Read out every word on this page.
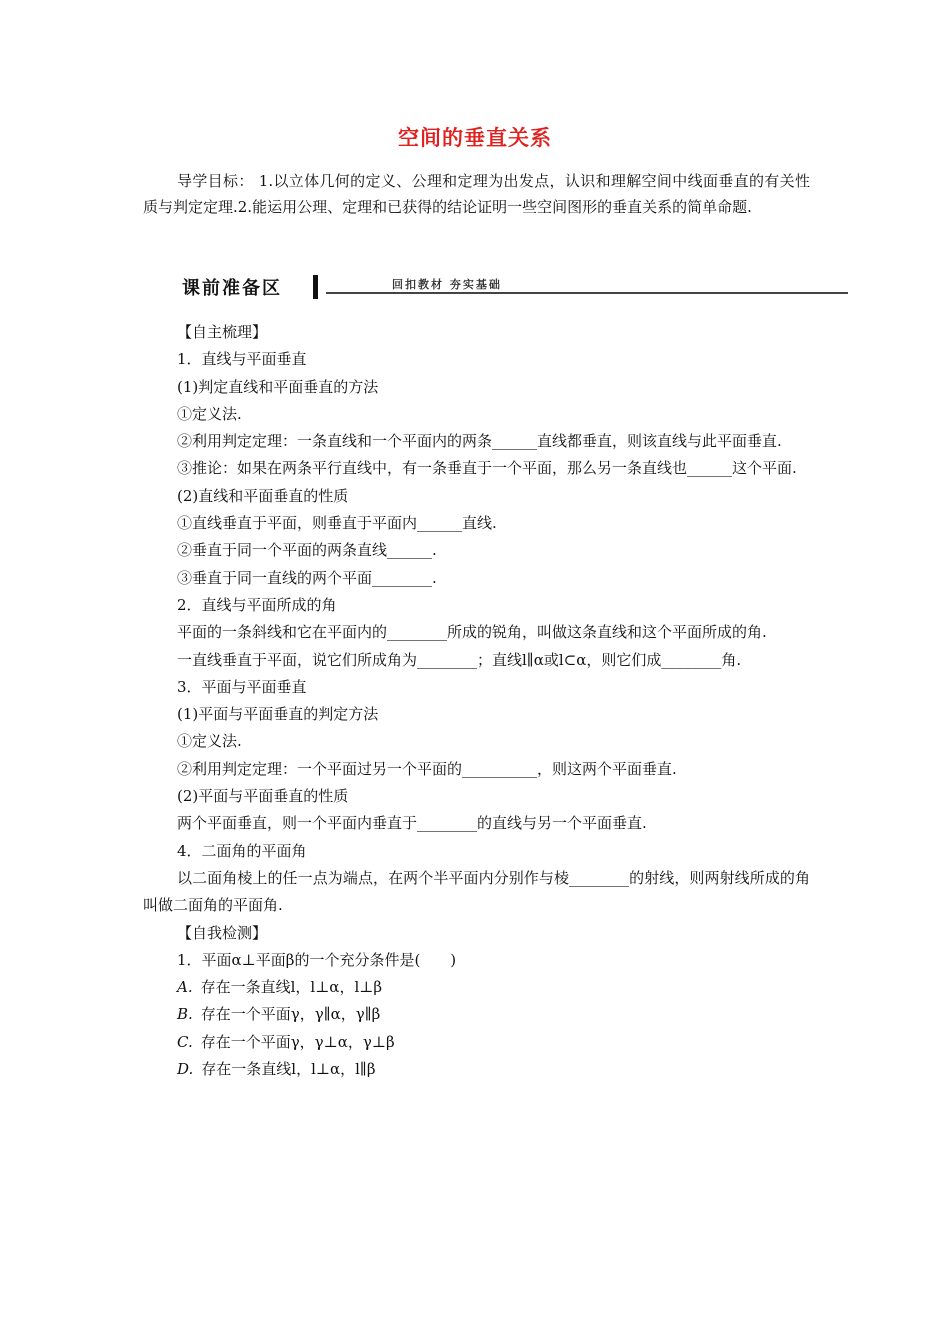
空间的垂直关系
导学目标： 1.以立体几何的定义、公理和定理为出发点，认识和理解空间中线面垂直的有关性质与判定定理.2.能运用公理、定理和已获得的结论证明一些空间图形的垂直关系的简单命题.
课前准备区	回扣教材 夯实基础

【自主梳理】

1．直线与平面垂直

(1)判定直线和平面垂直的方法

①定义法.

②利用判定定理：一条直线和一个平面内的两条______直线都垂直，则该直线与此平面垂直.

③推论：如果在两条平行直线中，有一条垂直于一个平面，那么另一条直线也______这个平面.

(2)直线和平面垂直的性质

①直线垂直于平面，则垂直于平面内______直线.

②垂直于同一个平面的两条直线______.

③垂直于同一直线的两个平面________.

2．直线与平面所成的角

平面的一条斜线和它在平面内的________所成的锐角，叫做这条直线和这个平面所成的角.

一直线垂直于平面，说它们所成角为________；直线l∥α或l⊂α，则它们成________角.

3．平面与平面垂直

(1)平面与平面垂直的判定方法

①定义法.

②利用判定定理：一个平面过另一个平面的__________，则这两个平面垂直.

(2)平面与平面垂直的性质

两个平面垂直，则一个平面内垂直于________的直线与另一个平面垂直.

4．二面角的平面角

以二面角棱上的任一点为端点，在两个半平面内分别作与棱________的射线，则两射线所成的角叫做二面角的平面角.

【自我检测】

1．平面α⊥平面β的一个充分条件是(　　)

A. 存在一条直线l，l⊥α，l⊥β

B. 存在一个平面γ，γ∥α，γ∥β

C. 存在一个平面γ，γ⊥α，γ⊥β

D. 存在一条直线l，l⊥α，l∥β
